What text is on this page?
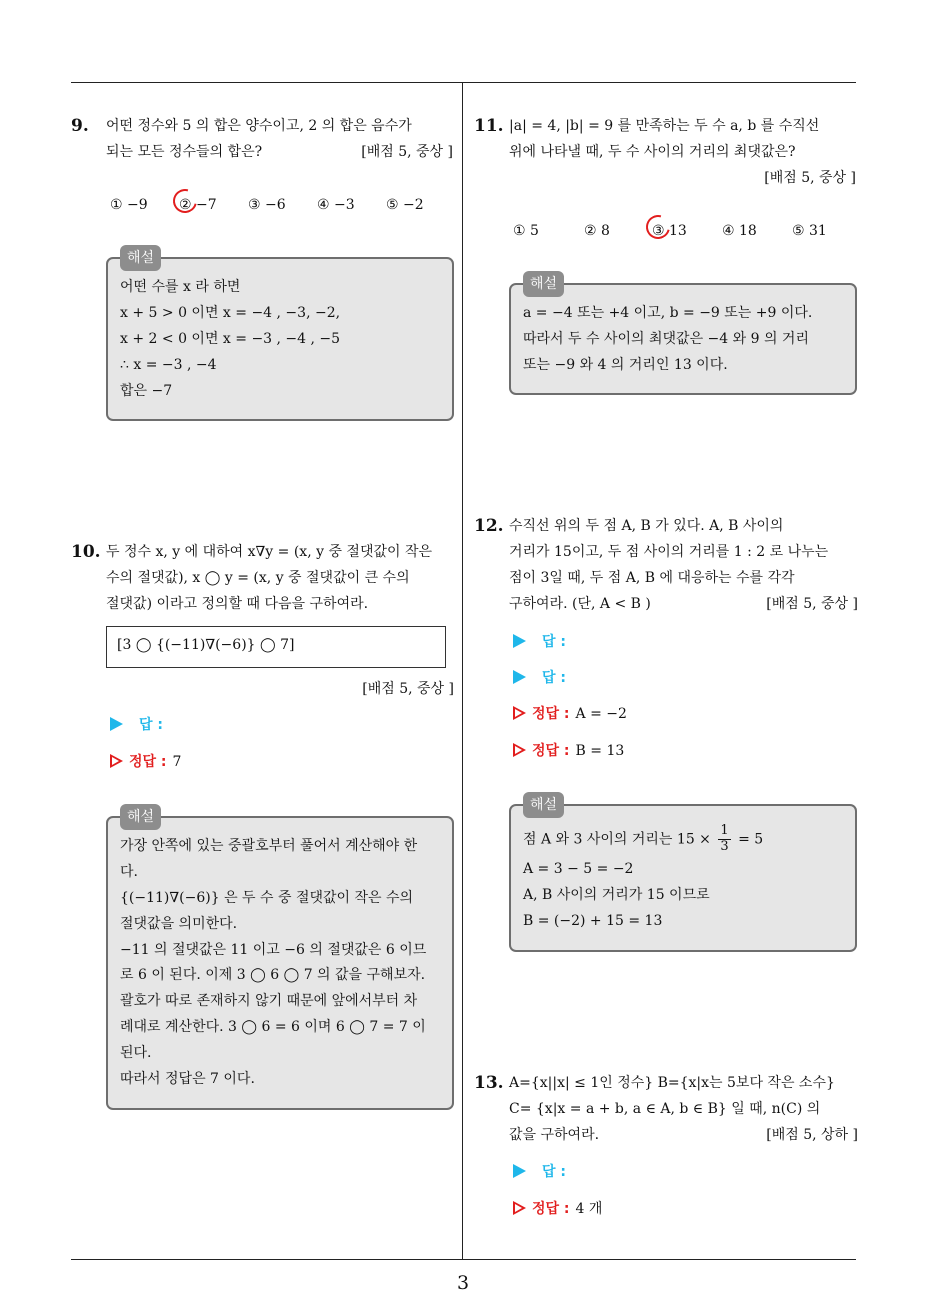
9. 어떤 정수와 5 의 합은 양수이고, 2 의 합은 음수가

되는 모든 정수들의 합은?	[배점 5, 중상 ]

① −9	② −7	③ −6	④ −3	⑤ −2
해설

어떤 수를 x 라 하면

x + 5 > 0 이면 x = −4 , −3, −2,

x + 2 < 0 이면 x = −3 , −4 , −5

∴ x = −3 , −4

합은 −7

10. 두 정수 x, y 에 대하여 x∇y = (x, y 중 절댓값이 작은

수의 절댓값), x ◯ y = (x, y 중 절댓값이 큰 수의

절댓값) 이라고 정의할 때 다음을 구하여라.

[3 ◯ {(−11)∇(−6)} ◯ 7]
[배점 5, 중상 ]
답 :
정답 : 7
해설

가장 안쪽에 있는 중괄호부터 풀어서 계산해야 한

다.

{(−11)∇(−6)} 은 두 수 중 절댓값이 작은 수의

절댓값을 의미한다.

−11 의 절댓값은 11 이고 −6 의 절댓값은 6 이므

로 6 이 된다. 이제 3 ◯ 6 ◯ 7 의 값을 구해보자.

괄호가 따로 존재하지 않기 때문에 앞에서부터 차

례대로 계산한다. 3 ◯ 6 = 6 이며 6 ◯ 7 = 7 이

된다.

따라서 정답은 7 이다.

11. |a| = 4, |b| = 9 를 만족하는 두 수 a, b 를 수직선

위에 나타낼 때, 두 수 사이의 거리의 최댓값은?

[배점 5, 중상 ]
① 5	② 8	③ 13	④ 18	⑤ 31
해설

a = −4 또는 +4 이고, b = −9 또는 +9 이다.

따라서 두 수 사이의 최댓값은 −4 와 9 의 거리

또는 −9 와 4 의 거리인 13 이다.

12. 수직선 위의 두 점 A, B 가 있다. A, B 사이의

거리가 15이고, 두 점 사이의 거리를 1 : 2 로 나누는

점이 3일 때, 두 점 A, B 에 대응하는 수를 각각

구하여라. (단, A < B )	[배점 5, 중상 ]

답 :
답 :
정답 : A = −2
정답 : B = 13
해설

점 A 와 3 사이의 거리는 $15 \times \frac{1}{3} = 5$

A = 3 − 5 = −2

A, B 사이의 거리가 15 이므로

B = (−2) + 15 = 13

13. A={x||x| ≤ 1인 정수} B={x|x는 5보다 작은 소수}

C= {x|x = a + b, a ∈ A, b ∈ B} 일 때, n(C) 의

값을 구하여라.	[배점 5, 상하 ]

답 :
정답 : 4 개
3
